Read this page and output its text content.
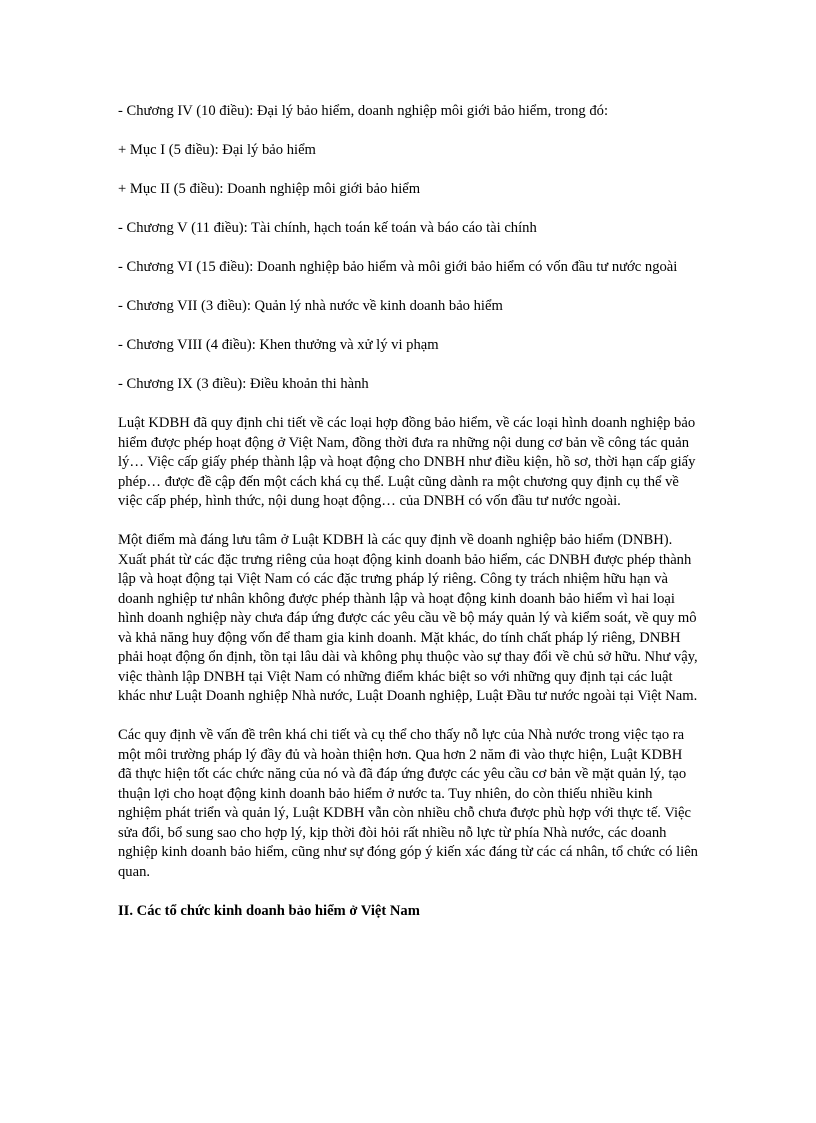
- Chương IV (10 điều): Đại lý bảo hiểm, doanh nghiệp môi giới bảo hiểm, trong đó:
+ Mục I (5 điều): Đại lý bảo hiểm
+ Mục II (5 điều): Doanh nghiệp môi giới bảo hiểm
- Chương V (11 điều): Tài chính, hạch toán kế toán và báo cáo tài chính
- Chương VI (15 điều): Doanh nghiệp bảo hiểm và môi giới bảo hiểm có vốn đầu tư nước ngoài
- Chương VII (3 điều): Quản lý nhà nước về kinh doanh bảo hiểm
- Chương VIII (4 điều): Khen thưởng và xử lý vi phạm
- Chương IX (3 điều): Điều khoản thi hành

Luật KDBH đã quy định chi tiết về các loại hợp đồng bảo hiểm, về các loại hình doanh nghiệp bảo hiểm được phép hoạt động ở Việt Nam, đồng thời đưa ra những nội dung cơ bản về công tác quản lý… Việc cấp giấy phép thành lập và hoạt động cho DNBH như điều kiện, hồ sơ, thời hạn cấp giấy phép… được đề cập đến một cách khá cụ thể. Luật cũng dành ra một chương quy định cụ thể về việc cấp phép, hình thức, nội dung hoạt động… của DNBH có vốn đầu tư nước ngoài.

Một điểm mà đáng lưu tâm ở Luật KDBH là các quy định về doanh nghiệp bảo hiểm (DNBH). Xuất phát từ các đặc trưng riêng của hoạt động kinh doanh bảo hiểm, các DNBH được phép thành lập và hoạt động tại Việt Nam có các đặc trưng pháp lý riêng. Công ty trách nhiệm hữu hạn và doanh nghiệp tư nhân không được phép thành lập và hoạt động kinh doanh bảo hiểm vì hai loại hình doanh nghiệp này chưa đáp ứng được các yêu cầu về bộ máy quản lý và kiểm soát, về quy mô và khả năng huy động vốn để tham gia kinh doanh. Mặt khác, do tính chất pháp lý riêng, DNBH phải hoạt động ổn định, tồn tại lâu dài và không phụ thuộc vào sự thay đổi về chủ sở hữu. Như vậy, việc thành lập DNBH tại Việt Nam có những điểm khác biệt so với những quy định tại các luật khác như Luật Doanh nghiệp Nhà nước, Luật Doanh nghiệp, Luật Đầu tư nước ngoài tại Việt Nam.

Các quy định về vấn đề trên khá chi tiết và cụ thể cho thấy nỗ lực của Nhà nước trong việc tạo ra một môi trường pháp lý đầy đủ và hoàn thiện hơn. Qua hơn 2 năm đi vào thực hiện, Luật KDBH đã thực hiện tốt các chức năng của nó và đã đáp ứng được các yêu cầu cơ bản về mặt quản lý, tạo thuận lợi cho hoạt động kinh doanh bảo hiểm ở nước ta. Tuy nhiên, do còn thiếu nhiều kinh nghiệm phát triển và quản lý, Luật KDBH vẫn còn nhiều chỗ chưa được phù hợp với thực tế. Việc sửa đổi, bổ sung sao cho hợp lý, kịp thời đòi hỏi rất nhiều nỗ lực từ phía Nhà nước, các doanh nghiệp kinh doanh bảo hiểm, cũng như sự đóng góp ý kiến xác đáng từ các cá nhân, tổ chức có liên quan.

II. Các tổ chức kinh doanh bảo hiểm ở Việt Nam
